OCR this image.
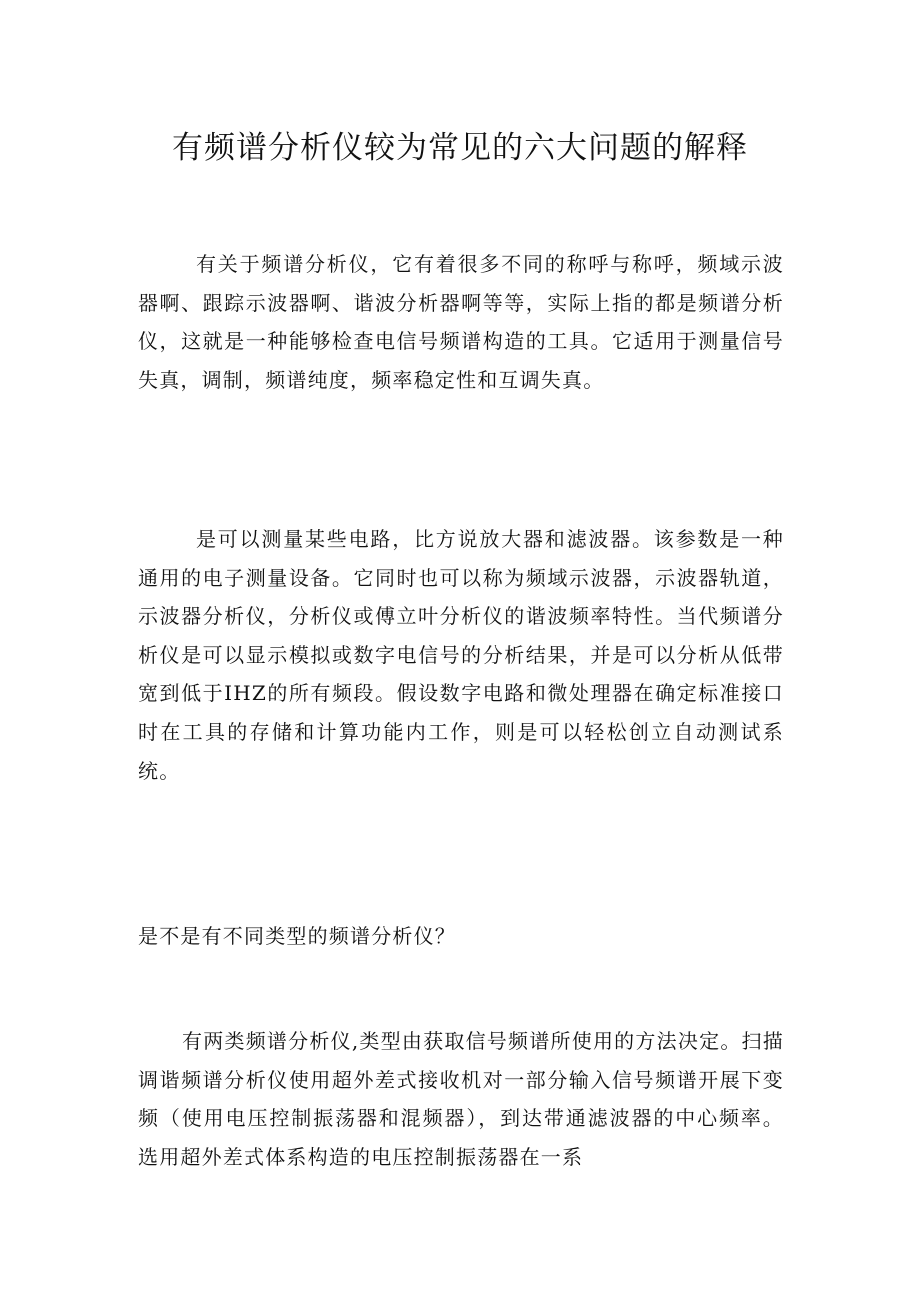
有频谱分析仪较为常见的六大问题的解释

有关于频谱分析仪，它有着很多不同的称呼与称呼，频域示波器啊、跟踪示波器啊、谐波分析器啊等等，实际上指的都是频谱分析仪，这就是一种能够检查电信号频谱构造的工具。它适用于测量信号失真，调制，频谱纯度，频率稳定性和互调失真。

是可以测量某些电路，比方说放大器和滤波器。该参数是一种通用的电子测量设备。它同时也可以称为频域示波器，示波器轨道，示波器分析仪，分析仪或傅立叶分析仪的谐波频率特性。当代频谱分析仪是可以显示模拟或数字电信号的分析结果，并是可以分析从低带宽到低于IHZ的所有频段。假设数字电路和微处理器在确定标准接口时在工具的存储和计算功能内工作，则是可以轻松创立自动测试系统。

是不是有不同类型的频谱分析仪？

有两类频谱分析仪,类型由获取信号频谱所使用的方法决定。扫描调谐频谱分析仪使用超外差式接收机对一部分输入信号频谱开展下变频（使用电压控制振荡器和混频器），到达带通滤波器的中心频率。选用超外差式体系构造的电压控制振荡器在一系
